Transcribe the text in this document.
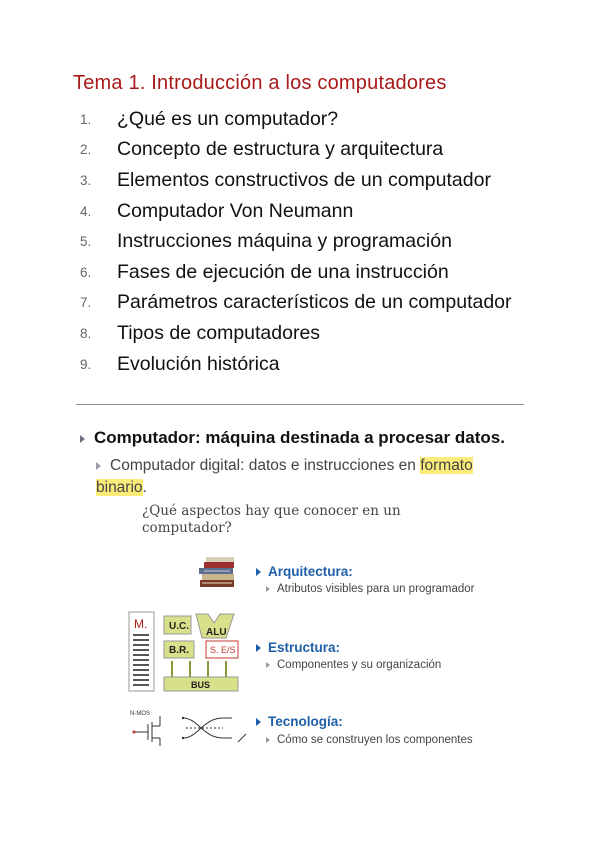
Tema 1. Introducción a los computadores
1.	¿Qué es un computador?
2.	Concepto de estructura y arquitectura
3.	Elementos constructivos de un computador
4.	Computador Von Neumann
5.	Instrucciones máquina y programación
6.	Fases de ejecución de una instrucción
7.	Parámetros característicos de un computador
8.	Tipos de computadores
9.	Evolución histórica
Computador: máquina destinada a procesar datos.
Computador digital: datos e instrucciones en formato
binario.
¿Qué aspectos hay que conocer en un computador?
Arquitectura:
Atributos visibles para un programador
M. U.C.
ALU
B.R. S. E/S
BUS
Estructura:
Componentes y su organización
N-MOS	Tecnología:
Cómo se construyen los componentes
